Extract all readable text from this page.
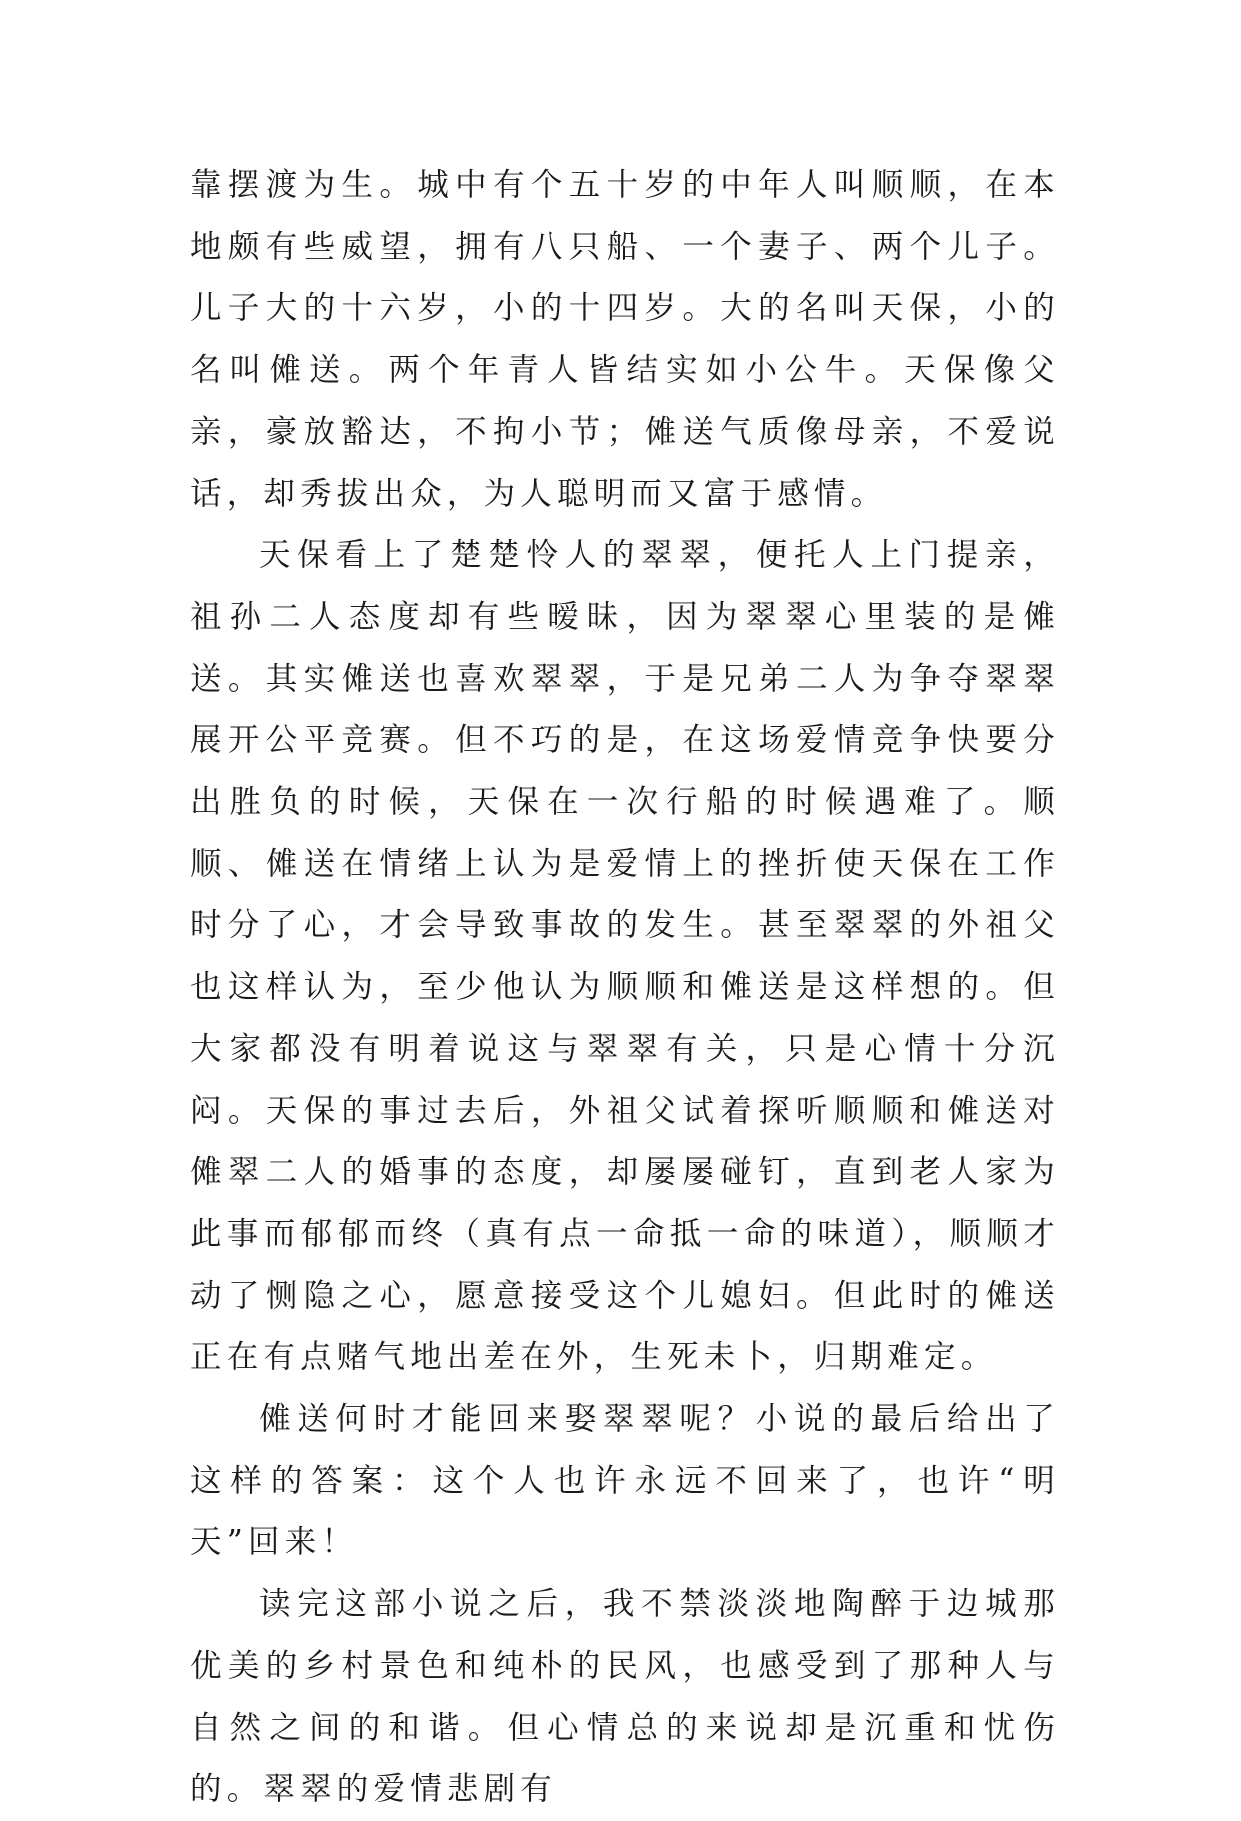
靠摆渡为生。城中有个五十岁的中年人叫顺顺，在本地颇有些威望，拥有八只船、一个妻子、两个儿子。儿子大的十六岁，小的十四岁。大的名叫天保，小的名叫傩送。两个年青人皆结实如小公牛。天保像父亲，豪放豁达，不拘小节；傩送气质像母亲，不爱说话，却秀拔出众，为人聪明而又富于感情。

天保看上了楚楚怜人的翠翠，便托人上门提亲，祖孙二人态度却有些暧昧，因为翠翠心里装的是傩送。其实傩送也喜欢翠翠，于是兄弟二人为争夺翠翠展开公平竞赛。但不巧的是，在这场爱情竞争快要分出胜负的时候，天保在一次行船的时候遇难了。顺顺、傩送在情绪上认为是爱情上的挫折使天保在工作时分了心，才会导致事故的发生。甚至翠翠的外祖父也这样认为，至少他认为顺顺和傩送是这样想的。但大家都没有明着说这与翠翠有关，只是心情十分沉闷。天保的事过去后，外祖父试着探听顺顺和傩送对傩翠二人的婚事的态度，却屡屡碰钉，直到老人家为此事而郁郁而终（真有点一命抵一命的味道），顺顺才动了恻隐之心，愿意接受这个儿媳妇。但此时的傩送正在有点赌气地出差在外，生死未卜，归期难定。

傩送何时才能回来娶翠翠呢？小说的最后给出了这样的答案：这个人也许永远不回来了，也许“明天”回来！

读完这部小说之后，我不禁淡淡地陶醉于边城那优美的乡村景色和纯朴的民风，也感受到了那种人与自然之间的和谐。但心情总的来说却是沉重和忧伤的。翠翠的爱情悲剧有
